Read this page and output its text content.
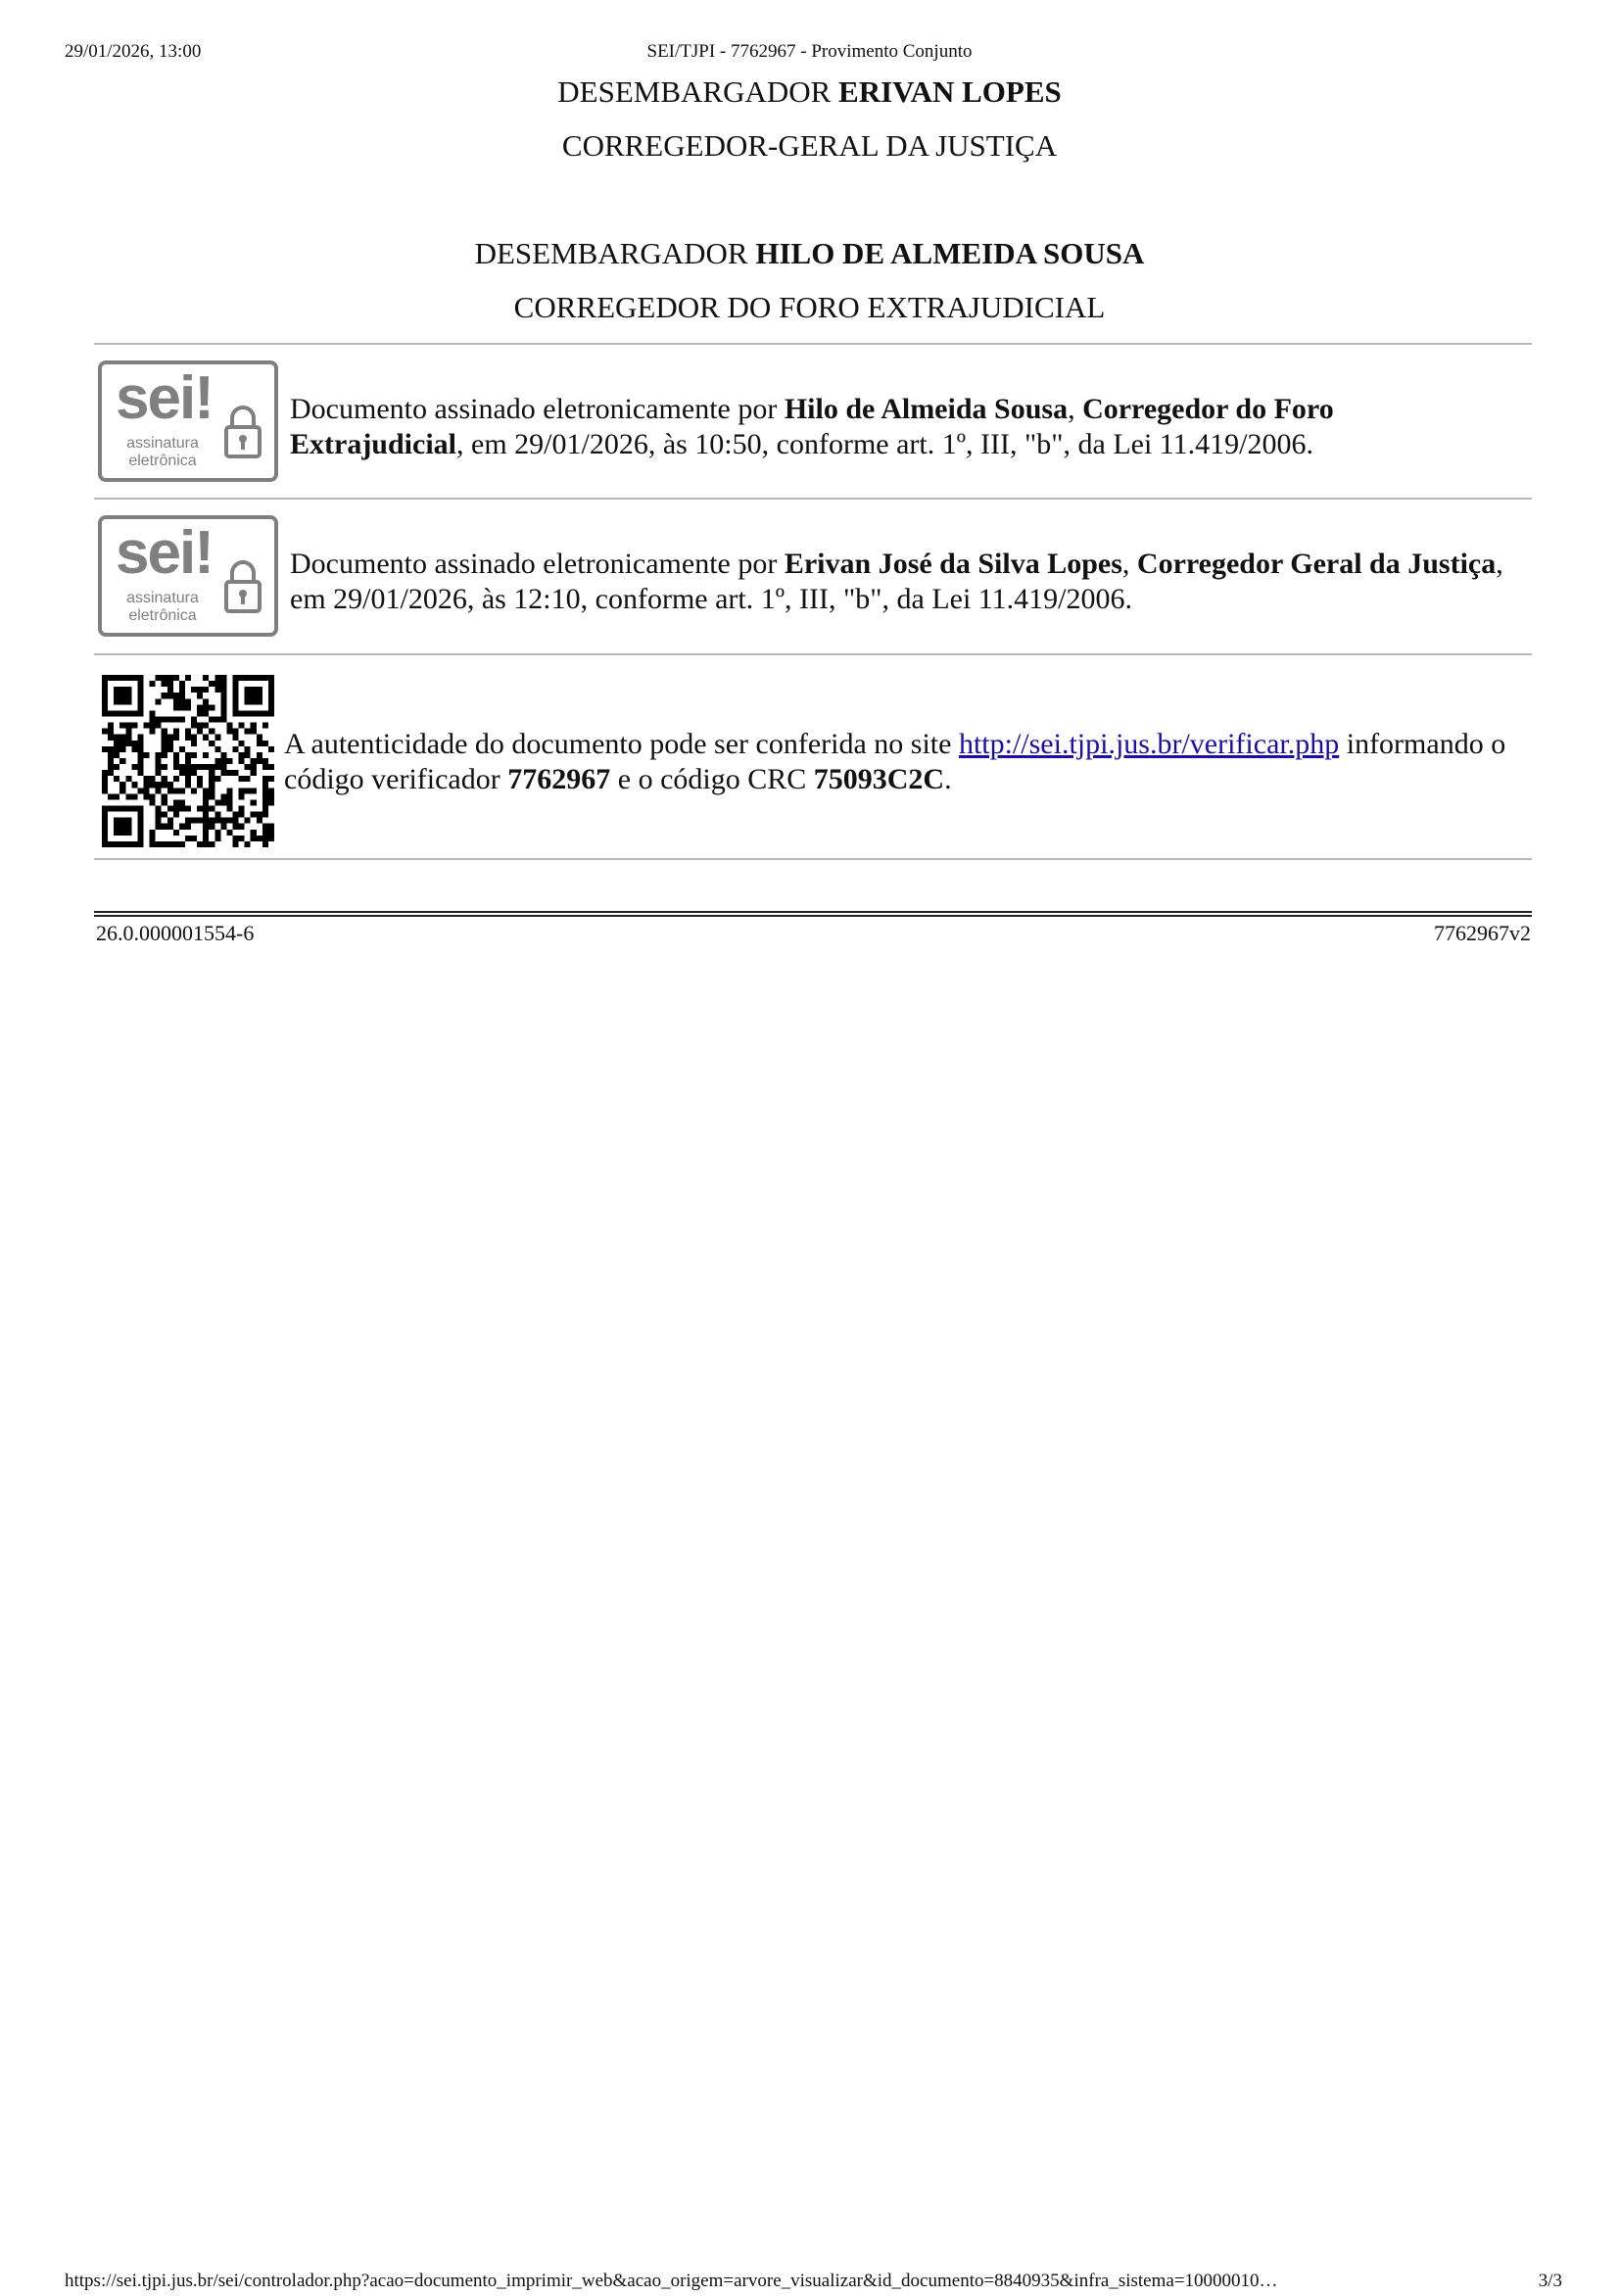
29/01/2026, 13:00	SEI/TJPI - 7762967 - Provimento Conjunto
DESEMBARGADOR ERIVAN LOPES
CORREGEDOR-GERAL DA JUSTIÇA
DESEMBARGADOR HILO DE ALMEIDA SOUSA
CORREGEDOR DO FORO EXTRAJUDICIAL
sei!
assinatura
eletrônica
Documento assinado eletronicamente por Hilo de Almeida Sousa, Corregedor do Foro Extrajudicial, em 29/01/2026, às 10:50, conforme art. 1º, III, "b", da Lei 11.419/2006.
sei!
assinatura
eletrônica
Documento assinado eletronicamente por Erivan José da Silva Lopes, Corregedor Geral da Justiça, em 29/01/2026, às 12:10, conforme art. 1º, III, "b", da Lei 11.419/2006.
A autenticidade do documento pode ser conferida no site http://sei.tjpi.jus.br/verificar.php informando o código verificador 7762967 e o código CRC 75093C2C.
26.0.000001554-6	7762967v2
https://sei.tjpi.jus.br/sei/controlador.php?acao=documento_imprimir_web&acao_origem=arvore_visualizar&id_documento=8840935&infra_sistema=10000010…	3/3
